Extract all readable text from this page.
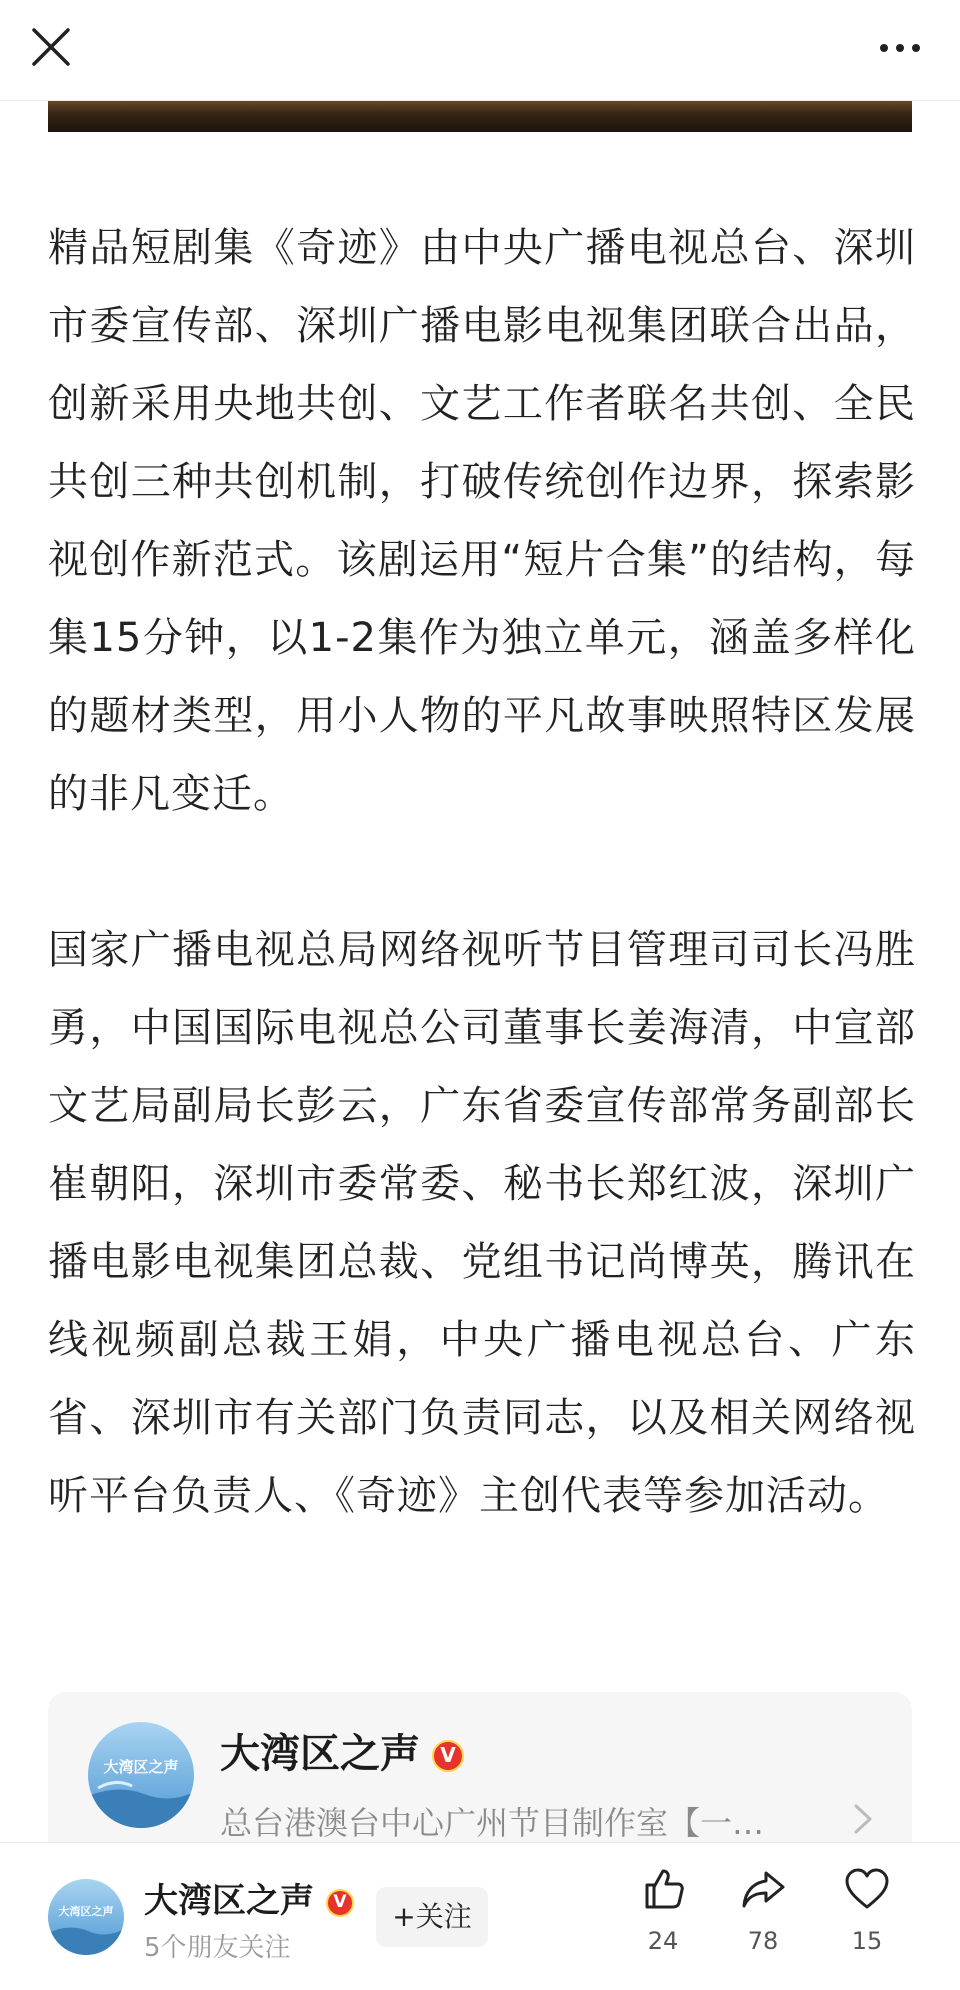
精品短剧集《奇迹》由中央广播电视总台、深圳市委宣传部、深圳广播电影电视集团联合出品，创新采用央地共创、文艺工作者联名共创、全民共创三种共创机制，打破传统创作边界，探索影视创作新范式。该剧运用“短片合集”的结构，每集15分钟，以1-2集作为独立单元，涵盖多样化的题材类型，用小人物的平凡故事映照特区发展的非凡变迁。

国家广播电视总局网络视听节目管理司司长冯胜勇，中国国际电视总公司董事长姜海清，中宣部文艺局副局长彭云，广东省委宣传部常务副部长崔朝阳，深圳市委常委、秘书长郑红波，深圳广播电影电视集团总裁、党组书记尚博英，腾讯在线视频副总裁王娟，中央广播电视总台、广东省、深圳市有关部门负责同志，以及相关网络视听平台负责人、《奇迹》主创代表等参加活动。

大湾区之声 大湾区之声 V
总台港澳台中心广州节目制作室【一…
大湾区之声 大湾区之声 V
5个朋友关注
+关注
24	78	15
